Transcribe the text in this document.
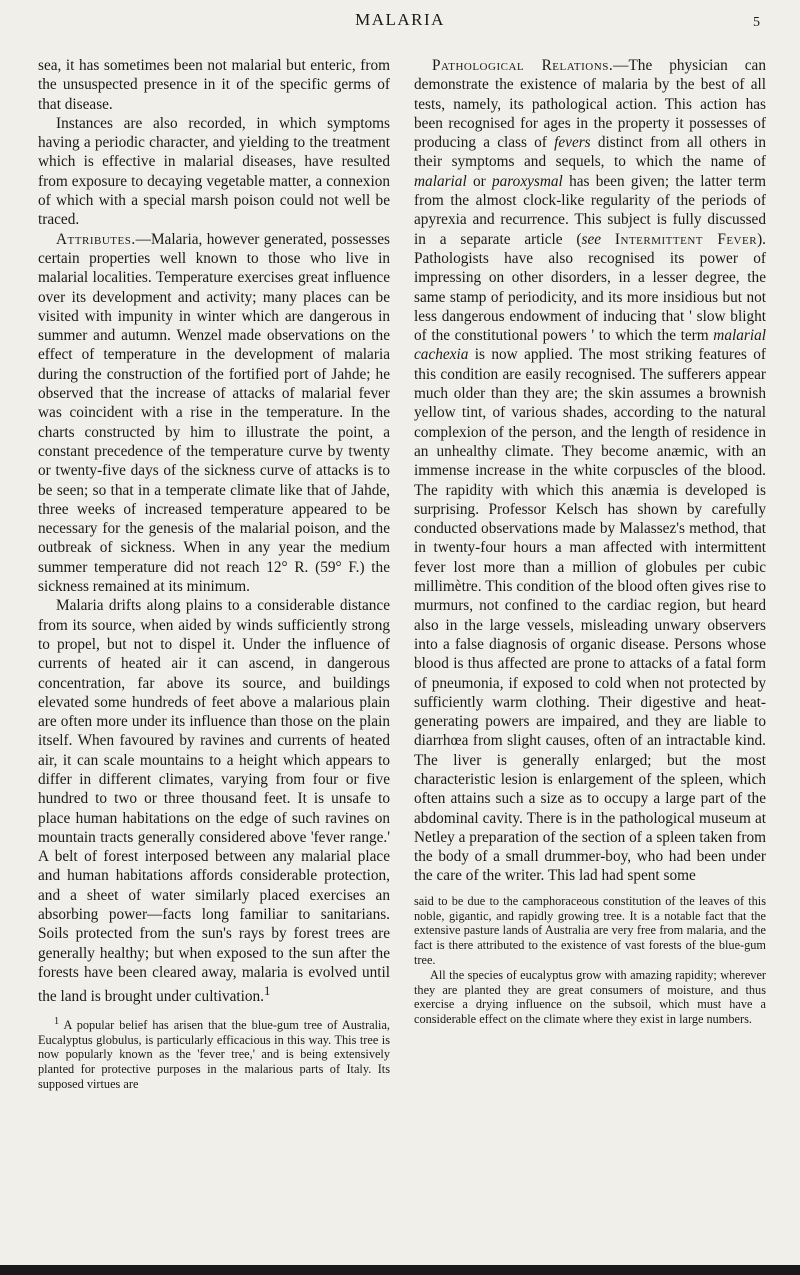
MALARIA	5

sea, it has sometimes been not malarial but enteric, from the unsuspected presence in it of the specific germs of that disease.

Instances are also recorded, in which symptoms having a periodic character, and yielding to the treatment which is effective in malarial diseases, have resulted from exposure to decaying vegetable matter, a connexion of which with a special marsh poison could not well be traced.

Attributes.—Malaria, however generated, possesses certain properties well known to those who live in malarial localities. Temperature exercises great influence over its development and activity; many places can be visited with impunity in winter which are dangerous in summer and autumn. Wenzel made observations on the effect of temperature in the development of malaria during the construction of the fortified port of Jahde; he observed that the increase of attacks of malarial fever was coincident with a rise in the temperature. In the charts constructed by him to illustrate the point, a constant precedence of the temperature curve by twenty or twenty-five days of the sickness curve of attacks is to be seen; so that in a temperate climate like that of Jahde, three weeks of increased temperature appeared to be necessary for the genesis of the malarial poison, and the outbreak of sickness. When in any year the medium summer temperature did not reach 12° R. (59° F.) the sickness remained at its minimum.

Malaria drifts along plains to a considerable distance from its source, when aided by winds sufficiently strong to propel, but not to dispel it. Under the influence of currents of heated air it can ascend, in dangerous concentration, far above its source, and buildings elevated some hundreds of feet above a malarious plain are often more under its influence than those on the plain itself. When favoured by ravines and currents of heated air, it can scale mountains to a height which appears to differ in different climates, varying from four or five hundred to two or three thousand feet. It is unsafe to place human habitations on the edge of such ravines on mountain tracts generally considered above 'fever range.' A belt of forest interposed between any malarial place and human habitations affords considerable protection, and a sheet of water similarly placed exercises an absorbing power—facts long familiar to sanitarians. Soils protected from the sun's rays by forest trees are generally healthy; but when exposed to the sun after the forests have been cleared away, malaria is evolved until the land is brought under cultivation.$^1$

$^1$ A popular belief has arisen that the blue-gum tree of Australia, Eucalyptus globulus, is particularly efficacious in this way. This tree is now popularly known as the 'fever tree,' and is being extensively planted for protective purposes in the malarious parts of Italy. Its supposed virtues are

Pathological Relations.—The physician can demonstrate the existence of malaria by the best of all tests, namely, its pathological action. This action has been recognised for ages in the property it possesses of producing a class of fevers distinct from all others in their symptoms and sequels, to which the name of malarial or paroxysmal has been given; the latter term from the almost clock-like regularity of the periods of apyrexia and recurrence. This subject is fully discussed in a separate article (see Intermittent Fever). Pathologists have also recognised its power of impressing on other disorders, in a lesser degree, the same stamp of periodicity, and its more insidious but not less dangerous endowment of inducing that ' slow blight of the constitutional powers ' to which the term malarial cachexia is now applied. The most striking features of this condition are easily recognised. The sufferers appear much older than they are; the skin assumes a brownish yellow tint, of various shades, according to the natural complexion of the person, and the length of residence in an unhealthy climate. They become anæmic, with an immense increase in the white corpuscles of the blood. The rapidity with which this anæmia is developed is surprising. Professor Kelsch has shown by carefully conducted observations made by Malassez's method, that in twenty-four hours a man affected with intermittent fever lost more than a million of globules per cubic millimètre. This condition of the blood often gives rise to murmurs, not confined to the cardiac region, but heard also in the large vessels, misleading unwary observers into a false diagnosis of organic disease. Persons whose blood is thus affected are prone to attacks of a fatal form of pneumonia, if exposed to cold when not protected by sufficiently warm clothing. Their digestive and heat-generating powers are impaired, and they are liable to diarrhœa from slight causes, often of an intractable kind. The liver is generally enlarged; but the most characteristic lesion is enlargement of the spleen, which often attains such a size as to occupy a large part of the abdominal cavity. There is in the pathological museum at Netley a preparation of the section of a spleen taken from the body of a small drummer-boy, who had been under the care of the writer. This lad had spent some

said to be due to the camphoraceous constitution of the leaves of this noble, gigantic, and rapidly growing tree. It is a notable fact that the extensive pasture lands of Australia are very free from malaria, and the fact is there attributed to the existence of vast forests of the blue-gum tree.

All the species of eucalyptus grow with amazing rapidity; wherever they are planted they are great consumers of moisture, and thus exercise a drying influence on the subsoil, which must have a considerable effect on the climate where they exist in large numbers.
